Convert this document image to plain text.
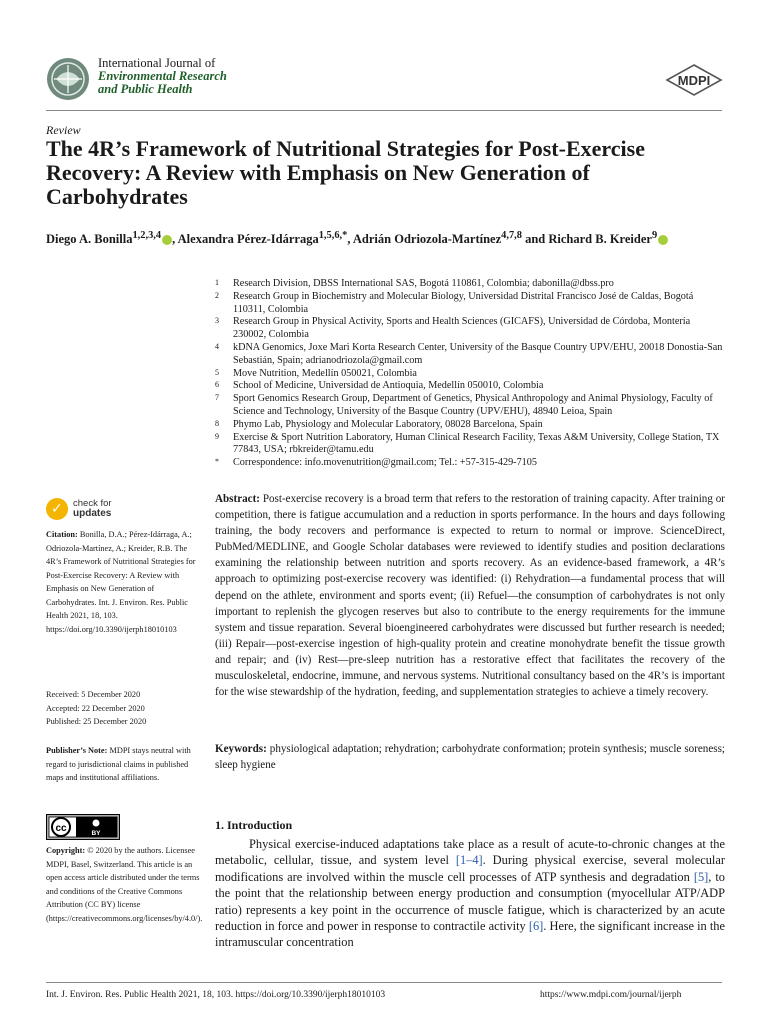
International Journal of
Environmental Research
and Public Health
MDPI
Review
The 4R’s Framework of Nutritional Strategies for Post-Exercise Recovery: A Review with Emphasis on New Generation of Carbohydrates
Diego A. Bonilla$^{1,2,3,4}$ , Alexandra Pérez-Idárraga$^{1,5,6,*}$, Adrián Odriozola-Martínez$^{4,7,8}$ and Richard B. Kreider$^9$
1	Research Division, DBSS International SAS, Bogotá 110861, Colombia; dabonilla@dbss.pro
2	Research Group in Biochemistry and Molecular Biology, Universidad Distrital Francisco José de Caldas, Bogotá 110311, Colombia
3	Research Group in Physical Activity, Sports and Health Sciences (GICAFS), Universidad de Córdoba, Montería 230002, Colombia
4	kDNA Genomics, Joxe Mari Korta Research Center, University of the Basque Country UPV/EHU, 20018 Donostia-San Sebastián, Spain; adrianodriozola@gmail.com
5	Move Nutrition, Medellín 050021, Colombia
6	School of Medicine, Universidad de Antioquia, Medellín 050010, Colombia
7	Sport Genomics Research Group, Department of Genetics, Physical Anthropology and Animal Physiology, Faculty of Science and Technology, University of the Basque Country (UPV/EHU), 48940 Leioa, Spain
8	Phymo Lab, Physiology and Molecular Laboratory, 08028 Barcelona, Spain
9	Exercise & Sport Nutrition Laboratory, Human Clinical Research Facility, Texas A&M University, College Station, TX 77843, USA; rbkreider@tamu.edu
*	Correspondence: info.movenutrition@gmail.com; Tel.: +57-315-429-7105
✓ check for
updates
Citation: Bonilla, D.A.; Pérez-Idárraga, A.; Odriozola-Martínez, A.; Kreider, R.B. The 4R’s Framework of Nutritional Strategies for Post-Exercise Recovery: A Review with Emphasis on New Generation of Carbohydrates. Int. J. Environ. Res. Public Health 2021, 18, 103. https://doi.org/10.3390/ijerph18010103
Received: 5 December 2020
Accepted: 22 December 2020
Published: 25 December 2020
Publisher’s Note: MDPI stays neutral with regard to jurisdictional claims in published maps and institutional affiliations.
cc	BY
Copyright: © 2020 by the authors. Licensee MDPI, Basel, Switzerland. This article is an open access article distributed under the terms and conditions of the Creative Commons Attribution (CC BY) license (https://creativecommons.org/licenses/by/4.0/).
Abstract: Post-exercise recovery is a broad term that refers to the restoration of training capacity. After training or competition, there is fatigue accumulation and a reduction in sports performance. In the hours and days following training, the body recovers and performance is expected to return to normal or improve. ScienceDirect, PubMed/MEDLINE, and Google Scholar databases were reviewed to identify studies and position declarations examining the relationship between nutrition and sports recovery. As an evidence-based framework, a 4R’s approach to optimizing post-exercise recovery was identified: (i) Rehydration—a fundamental process that will depend on the athlete, environment and sports event; (ii) Refuel—the consumption of carbohydrates is not only important to replenish the glycogen reserves but also to contribute to the energy requirements for the immune system and tissue reparation. Several bioengineered carbohydrates were discussed but further research is needed; (iii) Repair—post-exercise ingestion of high-quality protein and creatine monohydrate benefit the tissue growth and repair; and (iv) Rest—pre-sleep nutrition has a restorative effect that facilitates the recovery of the musculoskeletal, endocrine, immune, and nervous systems. Nutritional consultancy based on the 4R’s is important for the wise stewardship of the hydration, feeding, and supplementation strategies to achieve a timely recovery.
Keywords: physiological adaptation; rehydration; carbohydrate conformation; protein synthesis; muscle soreness; sleep hygiene
1. Introduction
Physical exercise-induced adaptations take place as a result of acute-to-chronic changes at the metabolic, cellular, tissue, and system level [1–4]. During physical exercise, several molecular modifications are involved within the muscle cell processes of ATP synthesis and degradation [5], to the point that the relationship between energy production and consumption (myocellular ATP/ADP ratio) represents a key point in the occurrence of muscle fatigue, which is characterized by an acute reduction in force and power in response to contractile activity [6]. Here, the significant increase in the intramuscular concentration
Int. J. Environ. Res. Public Health 2021, 18, 103. https://doi.org/10.3390/ijerph18010103	https://www.mdpi.com/journal/ijerph
